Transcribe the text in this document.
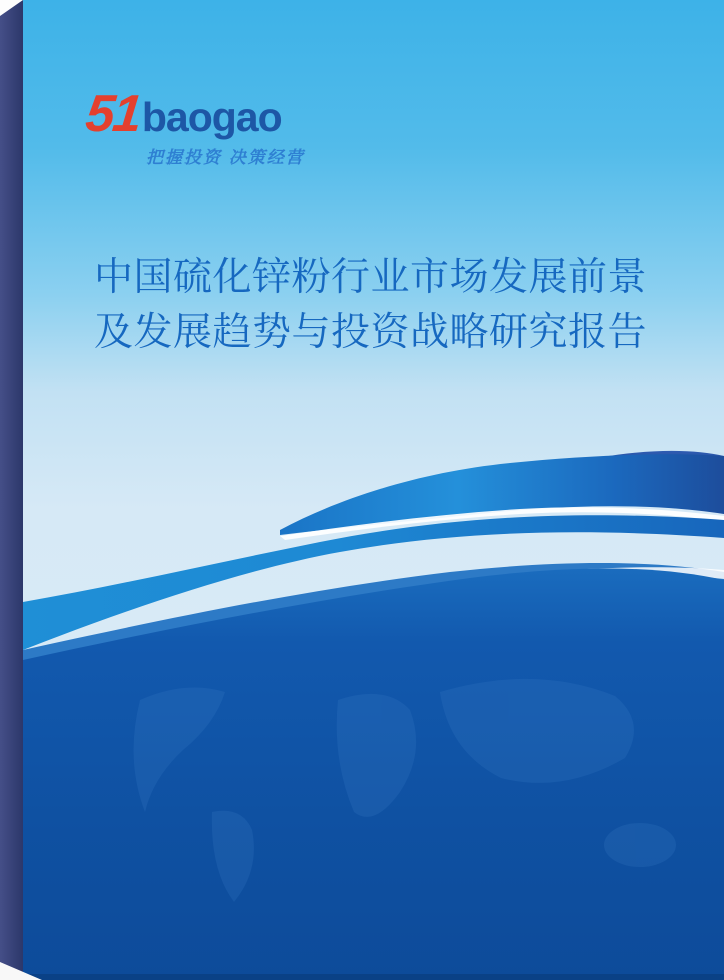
51
baogao
把握投资 决策经营
中国硫化锌粉行业市场发展前景及发展趋势与投资战略研究报告
